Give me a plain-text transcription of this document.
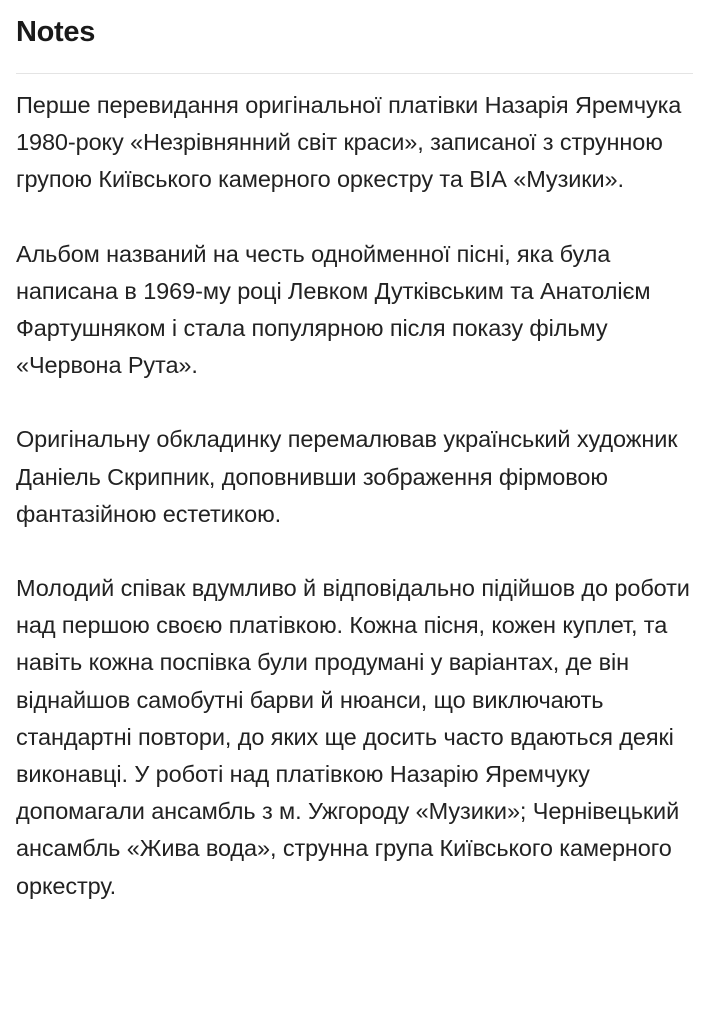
Notes

Перше перевидання оригінальної платівки Назарія Яремчука 1980-року «Незрівнянний світ краси», записаної з струнною групою Київського камерного оркестру та ВІА «Музики».

Альбом названий на честь однойменної пісні, яка була написана в 1969-му році Левком Дутківським та Анатолієм Фартушняком і стала популярною після показу фільму «Червона Рута».

Оригінальну обкладинку перемалював український художник Даніель Скрипник, доповнивши зображення фірмовою фантазійною естетикою.

Молодий співак вдумливо й відповідально підійшов до роботи над першою своєю платівкою. Кожна пісня, кожен куплет, та навіть кожна поспівка були продумані у варіантах, де він віднайшов самобутні барви й нюанси, що виключають стандартні повтори, до яких ще досить часто вдаються деякі виконавці. У роботі над платівкою Назарію Яремчуку допомагали ансамбль з м. Ужгороду «Музики»; Чернівецький ансамбль «Жива вода», струнна група Київського камерного оркестру.
